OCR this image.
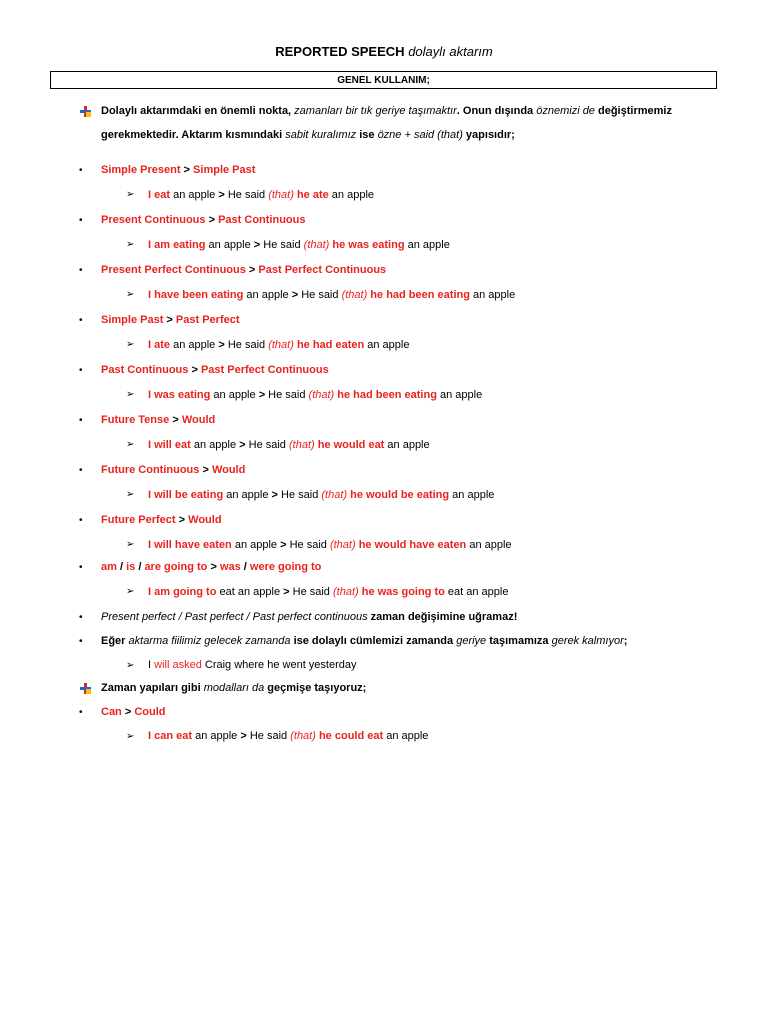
REPORTED SPEECH dolaylı aktarım
GENEL KULLANIM;
Dolaylı aktarımdaki en önemli nokta, zamanları bir tık geriye taşımaktır. Onun dışında öznemizi de değiştirmemiz
gerekmektedir. Aktarım kısmındaki sabit kuralımız ise özne + said (that) yapısıdır;
• Simple Present > Simple Past
➢ I eat an apple > He said (that) he ate an apple
• Present Continuous > Past Continuous
➢ I am eating an apple > He said (that) he was eating an apple
• Present Perfect Continuous > Past Perfect Continuous
➢ I have been eating an apple > He said (that) he had been eating an apple
• Simple Past > Past Perfect
➢ I ate an apple > He said (that) he had eaten an apple
• Past Continuous > Past Perfect Continuous
➢ I was eating an apple > He said (that) he had been eating an apple
• Future Tense > Would
➢ I will eat an apple > He said (that) he would eat an apple
• Future Continuous > Would
➢ I will be eating an apple > He said (that) he would be eating an apple
• Future Perfect > Would
➢ I will have eaten an apple > He said (that) he would have eaten an apple
• am / is / are going to > was / were going to
➢ I am going to eat an apple > He said (that) he was going to eat an apple
• Present perfect / Past perfect / Past perfect continuous zaman değişimine uğramaz!
• Eğer aktarma fiilimiz gelecek zamanda ise dolaylı cümlemizi zamanda geriye taşımamıza gerek kalmıyor;
➢ I will asked Craig where he went yesterday
Zaman yapıları gibi modalları da geçmişe taşıyoruz;
• Can > Could
➢ I can eat an apple > He said (that) he could eat an apple
